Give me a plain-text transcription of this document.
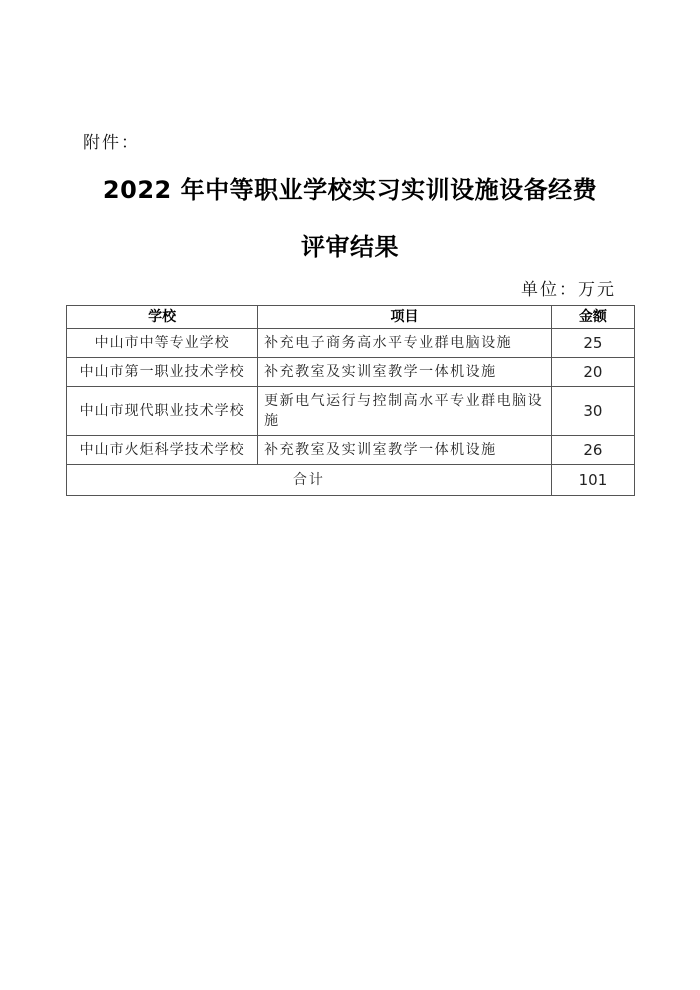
附件：
2022 年中等职业学校实习实训设施设备经费
评审结果
单位：万元
学校	项目	金额
中山市中等专业学校	补充电子商务高水平专业群电脑设施	25
中山市第一职业技术学校	补充教室及实训室教学一体机设施	20
中山市现代职业技术学校	更新电气运行与控制高水平专业群电脑设施	30
中山市火炬科学技术学校	补充教室及实训室教学一体机设施	26
合计		101
